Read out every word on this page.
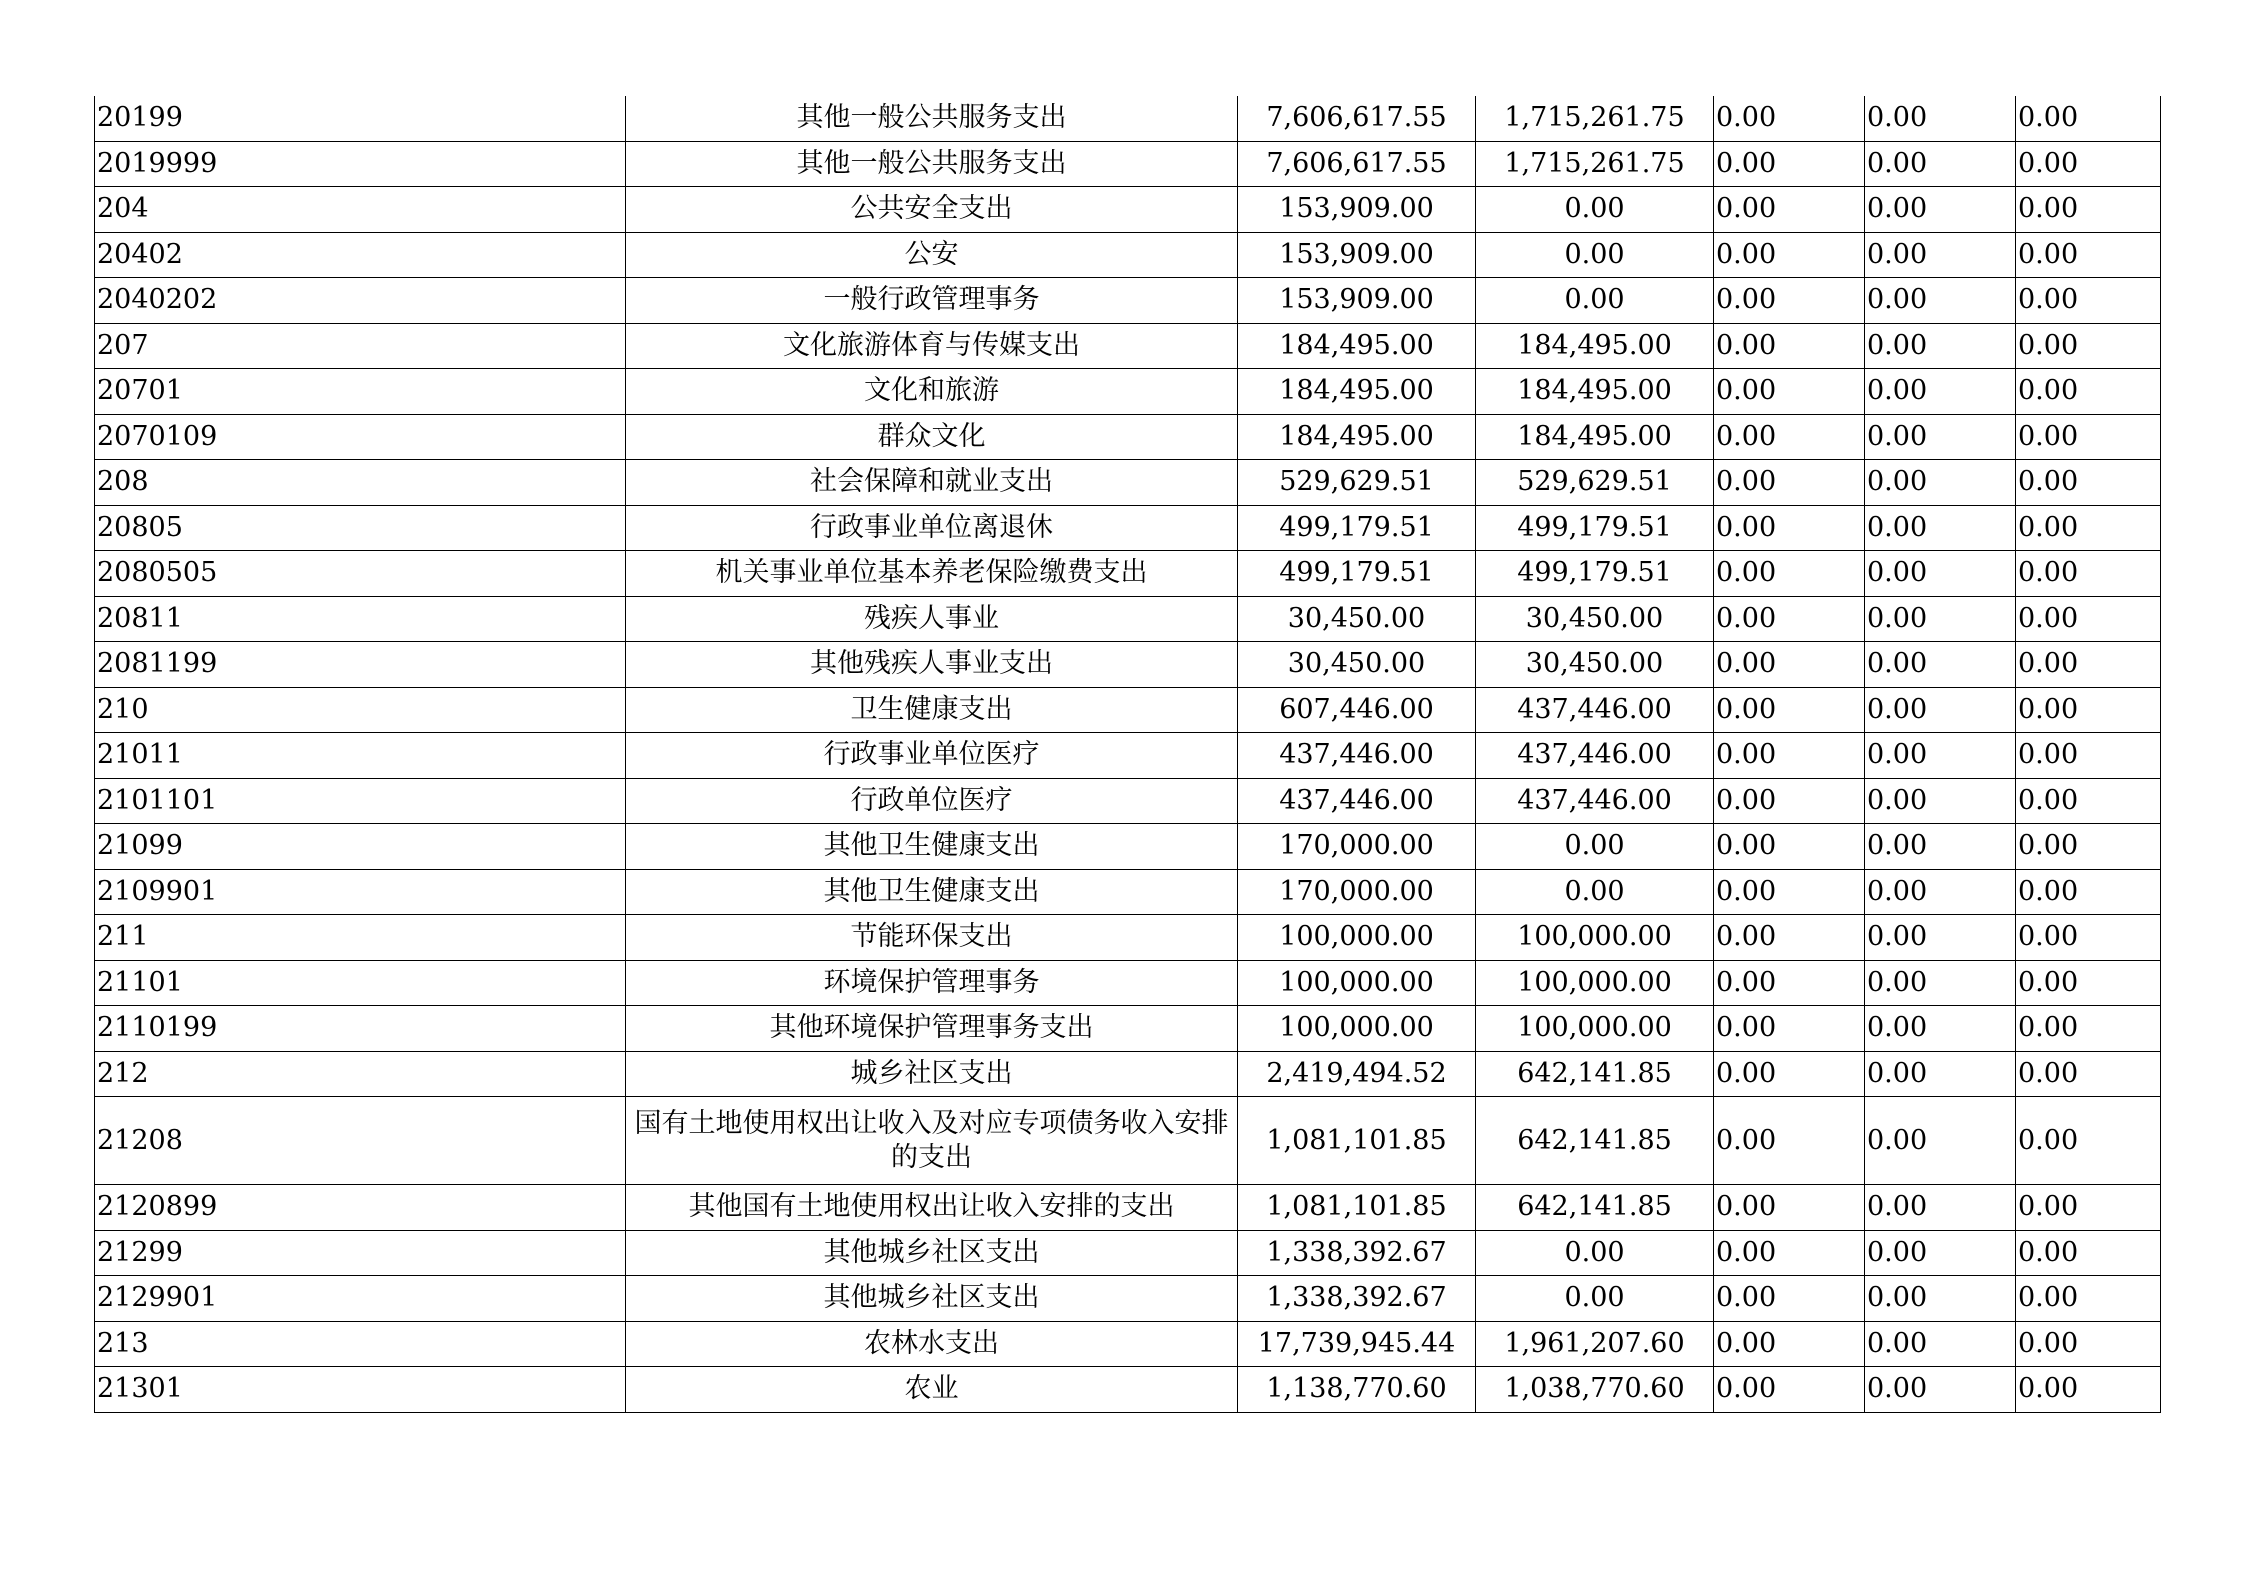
20199	其他一般公共服务支出	7,606,617.55	1,715,261.75	0.00	0.00	0.00
2019999	其他一般公共服务支出	7,606,617.55	1,715,261.75	0.00	0.00	0.00
204	公共安全支出	153,909.00	0.00	0.00	0.00	0.00
20402	公安	153,909.00	0.00	0.00	0.00	0.00
2040202	一般行政管理事务	153,909.00	0.00	0.00	0.00	0.00
207	文化旅游体育与传媒支出	184,495.00	184,495.00	0.00	0.00	0.00
20701	文化和旅游	184,495.00	184,495.00	0.00	0.00	0.00
2070109	群众文化	184,495.00	184,495.00	0.00	0.00	0.00
208	社会保障和就业支出	529,629.51	529,629.51	0.00	0.00	0.00
20805	行政事业单位离退休	499,179.51	499,179.51	0.00	0.00	0.00
2080505	机关事业单位基本养老保险缴费支出	499,179.51	499,179.51	0.00	0.00	0.00
20811	残疾人事业	30,450.00	30,450.00	0.00	0.00	0.00
2081199	其他残疾人事业支出	30,450.00	30,450.00	0.00	0.00	0.00
210	卫生健康支出	607,446.00	437,446.00	0.00	0.00	0.00
21011	行政事业单位医疗	437,446.00	437,446.00	0.00	0.00	0.00
2101101	行政单位医疗	437,446.00	437,446.00	0.00	0.00	0.00
21099	其他卫生健康支出	170,000.00	0.00	0.00	0.00	0.00
2109901	其他卫生健康支出	170,000.00	0.00	0.00	0.00	0.00
211	节能环保支出	100,000.00	100,000.00	0.00	0.00	0.00
21101	环境保护管理事务	100,000.00	100,000.00	0.00	0.00	0.00
2110199	其他环境保护管理事务支出	100,000.00	100,000.00	0.00	0.00	0.00
212	城乡社区支出	2,419,494.52	642,141.85	0.00	0.00	0.00
21208	国有土地使用权出让收入及对应专项债务收入安排的支出	1,081,101.85	642,141.85	0.00	0.00	0.00
2120899	其他国有土地使用权出让收入安排的支出	1,081,101.85	642,141.85	0.00	0.00	0.00
21299	其他城乡社区支出	1,338,392.67	0.00	0.00	0.00	0.00
2129901	其他城乡社区支出	1,338,392.67	0.00	0.00	0.00	0.00
213	农林水支出	17,739,945.44	1,961,207.60	0.00	0.00	0.00
21301	农业	1,138,770.60	1,038,770.60	0.00	0.00	0.00
